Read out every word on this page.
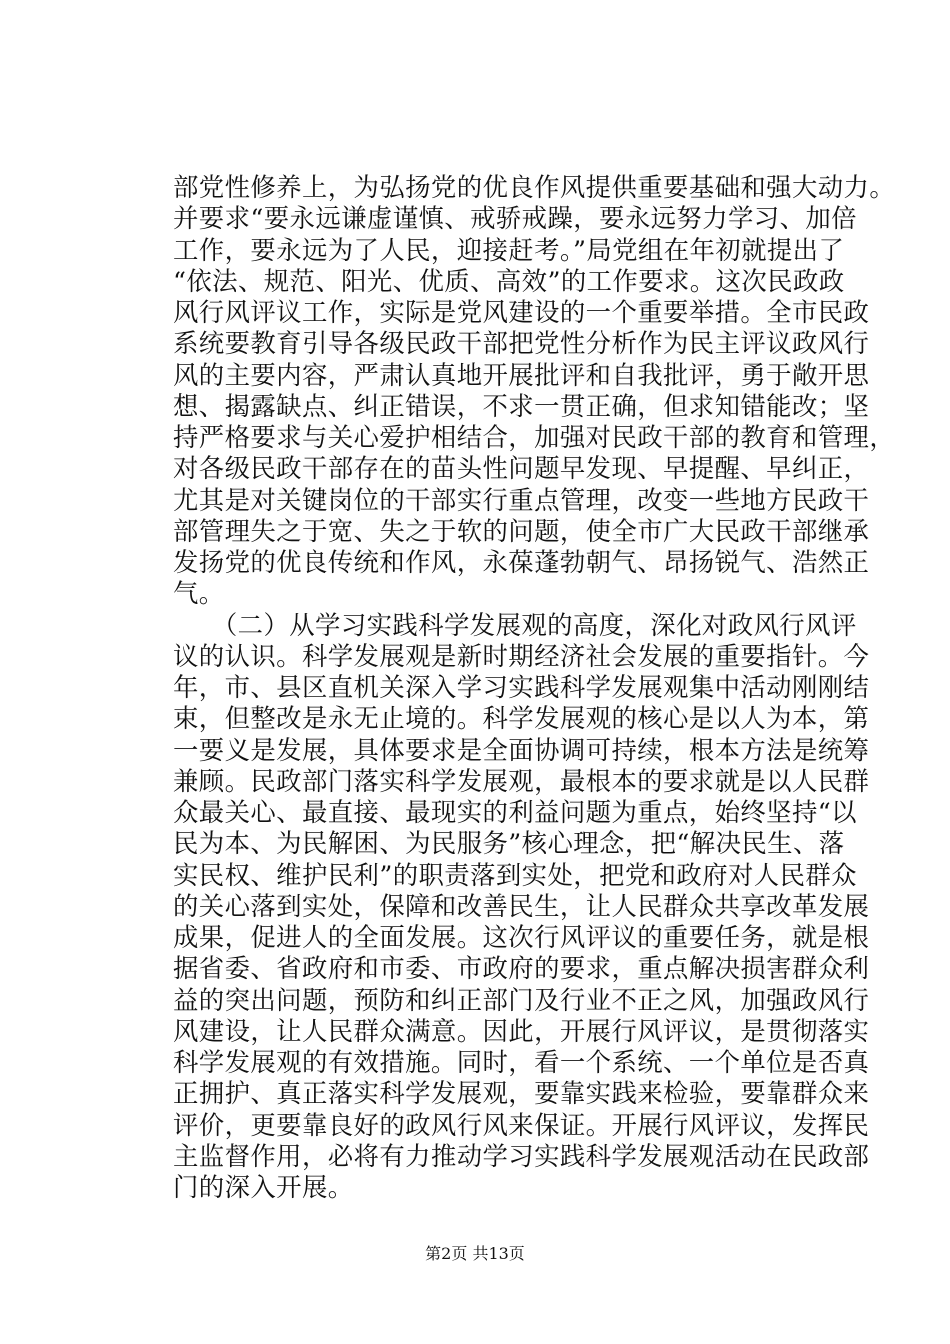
部党性修养上，为弘扬党的优良作风提供重要基础和强大动力。
并要求“要永远谦虚谨慎、戒骄戒躁，要永远努力学习、加倍
工作，要永远为了人民，迎接赶考。”局党组在年初就提出了
“依法、规范、阳光、优质、高效”的工作要求。这次民政政
风行风评议工作，实际是党风建设的一个重要举措。全市民政
系统要教育引导各级民政干部把党性分析作为民主评议政风行
风的主要内容，严肃认真地开展批评和自我批评，勇于敞开思
想、揭露缺点、纠正错误，不求一贯正确，但求知错能改；坚
持严格要求与关心爱护相结合，加强对民政干部的教育和管理，
对各级民政干部存在的苗头性问题早发现、早提醒、早纠正，
尤其是对关键岗位的干部实行重点管理，改变一些地方民政干
部管理失之于宽、失之于软的问题，使全市广大民政干部继承
发扬党的优良传统和作风，永葆蓬勃朝气、昂扬锐气、浩然正
气。
　　（二）从学习实践科学发展观的高度，深化对政风行风评
议的认识。科学发展观是新时期经济社会发展的重要指针。今
年，市、县区直机关深入学习实践科学发展观集中活动刚刚结
束，但整改是永无止境的。科学发展观的核心是以人为本，第
一要义是发展，具体要求是全面协调可持续，根本方法是统筹
兼顾。民政部门落实科学发展观，最根本的要求就是以人民群
众最关心、最直接、最现实的利益问题为重点，始终坚持“以
民为本、为民解困、为民服务”核心理念，把“解决民生、落
实民权、维护民利”的职责落到实处，把党和政府对人民群众
的关心落到实处，保障和改善民生，让人民群众共享改革发展
成果，促进人的全面发展。这次行风评议的重要任务，就是根
据省委、省政府和市委、市政府的要求，重点解决损害群众利
益的突出问题，预防和纠正部门及行业不正之风，加强政风行
风建设，让人民群众满意。因此，开展行风评议，是贯彻落实
科学发展观的有效措施。同时，看一个系统、一个单位是否真
正拥护、真正落实科学发展观，要靠实践来检验，要靠群众来
评价，更要靠良好的政风行风来保证。开展行风评议，发挥民
主监督作用，必将有力推动学习实践科学发展观活动在民政部
门的深入开展。
第2页 共13页
